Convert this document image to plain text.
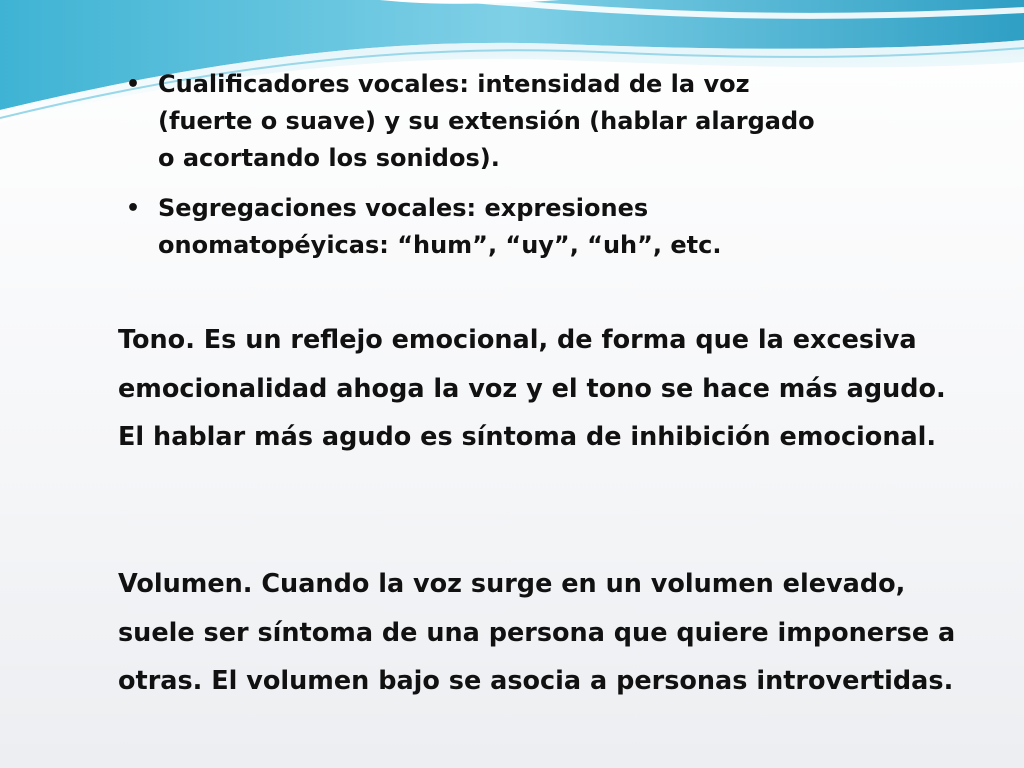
• Cualificadores vocales: intensidad de la voz (fuerte o suave) y su extensión (hablar alargado o acortando los sonidos).
• Segregaciones vocales: expresiones onomatopéyicas: “hum”, “uy”, “uh”, etc.

Tono. Es un reflejo emocional, de forma que la excesiva emocionalidad ahoga la voz y el tono se hace más agudo. El hablar más agudo es síntoma de inhibición emocional.

Volumen. Cuando la voz surge en un volumen elevado, suele ser síntoma de una persona que quiere imponerse a otras. El volumen bajo se asocia a personas introvertidas.
